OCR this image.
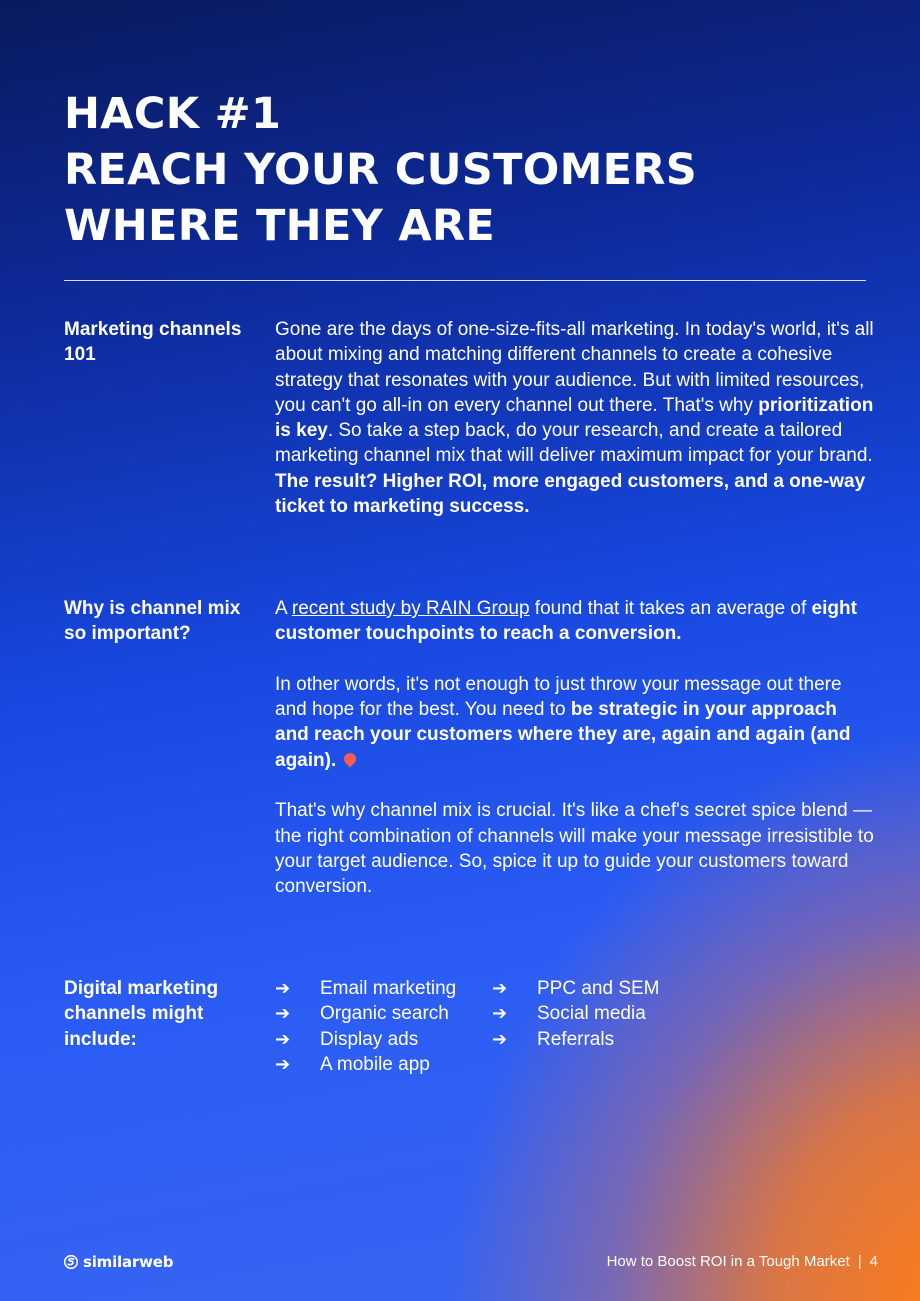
HACK #1
REACH YOUR CUSTOMERS
WHERE THEY ARE
Marketing channels 101

Gone are the days of one-size-fits-all marketing. In today's world, it's all about mixing and matching different channels to create a cohesive strategy that resonates with your audience. But with limited resources, you can't go all-in on every channel out there. That's why prioritization is key. So take a step back, do your research, and create a tailored marketing channel mix that will deliver maximum impact for your brand. The result? Higher ROI, more engaged customers, and a one-way ticket to marketing success.

Why is channel mix so important?

A recent study by RAIN Group found that it takes an average of eight customer touchpoints to reach a conversion.

In other words, it's not enough to just throw your message out there and hope for the best. You need to be strategic in your approach and reach your customers where they are, again and again (and again).

That's why channel mix is crucial. It's like a chef's secret spice blend — the right combination of channels will make your message irresistible to your target audience. So, spice it up to guide your customers toward conversion.

Digital marketing channels might include:
➔ Email marketing
➔ Organic search
➔ Display ads
➔ A mobile app
➔ PPC and SEM
➔ Social media
➔ Referrals
similarweb	How to Boost ROI in a Tough Market | 4
